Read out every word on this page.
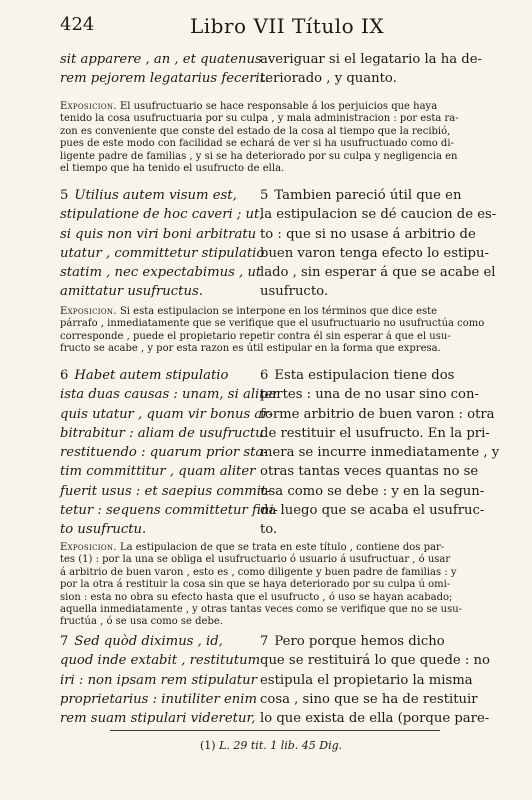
424	Libro VII Título IX
sit apparere , an , et quatenus
rem pejorem legatarius fecerit.
averiguar si el legatario la ha de-
teriorado , y quanto.
Exposicion. El usufructuario se hace responsable á los perjuicios que haya
tenido la cosa usufructuaria por su culpa , y mala administracion : por esta ra-
zon es conveniente que conste del estado de la cosa al tiempo que la recibió,
pues de este modo con facilidad se echará de ver si ha usufructuado como di-
ligente padre de familias , y si se ha deteriorado por su culpa y negligencia en
el tiempo que ha tenido el usufructo de ella.
5 Utilius autem visum est,
stipulatione de hoc caveri ; ut,
si quis non viri boni arbitratu
utatur , committetur stipulatio
statim , nec expectabimus , ut
amittatur usufructus.
5 Tambien pareció útil que en
la estipulacion se dé caucion de es-
to : que si no usase á arbitrio de
buen varon tenga efecto lo estipu-
lado , sin esperar á que se acabe el
usufructo.
Exposicion. Si esta estipulacion se interpone en los términos que dice este
párrafo , inmediatamente que se verifique que el usufructuario no usufructúa como
corresponde , puede el propietario repetir contra él sin esperar á que el usu-
fructo se acabe , y por esta razon es útil estipular en la forma que expresa.
6 Habet autem stipulatio
ista duas causas : unam, si aliter
quis utatur , quam vir bonus ar-
bitrabitur : aliam de usufructu
restituendo : quarum prior sta-
tim committitur , quam aliter
fuerit usus : et saepius commit-
tetur : sequens committetur fini-
to usufructu.
6 Esta estipulacion tiene dos
partes : una de no usar sino con-
forme arbitrio de buen varon : otra
de restituir el usufructo. En la pri-
mera se incurre inmediatamente , y
otras tantas veces quantas no se
usa como se debe : y en la segun-
da luego que se acaba el usufruc-
to.
Exposicion. La estipulacion de que se trata en este título , contiene dos par-
tes (1) : por la una se obliga el usufructuario ó usuario á usufructuar , ó usar
á arbitrio de buen varon , esto es , como diligente y buen padre de familias : y
por la otra á restituir la cosa sin que se haya deteriorado por su culpa ú omi-
sion : esta no obra su efecto hasta que el usufructo , ó uso se hayan acabado;
aquella inmediatamente , y otras tantas veces como se verifique que no se usu-
fructúa , ó se usa como se debe.
7 Sed quòd diximus , id,
quod inde extabit , restitutum
iri : non ipsam rem stipulatur
proprietarius : inutiliter enim
rem suam stipulari videretur,
7 Pero porque hemos dicho
que se restituirá lo que quede : no
estipula el propietario la misma
cosa , sino que se ha de restituir
lo que exista de ella (porque pare-
(1) L. 29 tit. 1 lib. 45 Dig.
